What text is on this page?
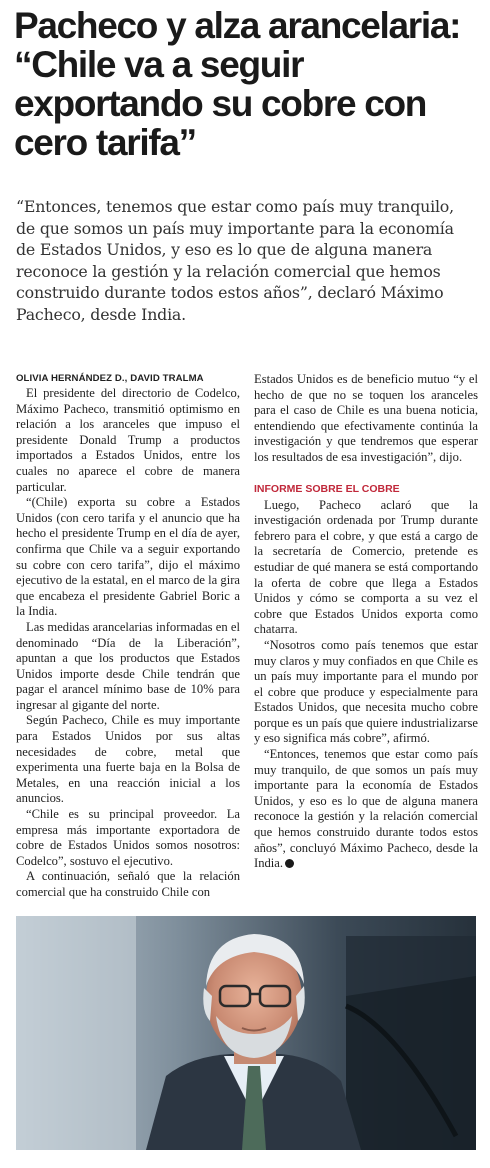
Pacheco y alza arancelaria: “Chile va a seguir exportando su cobre con cero tarifa”

“Entonces, tenemos que estar como país muy tranquilo, de que somos un país muy importante para la economía de Estados Unidos, y eso es lo que de alguna manera reconoce la gestión y la relación comercial que hemos construido durante todos estos años”, declaró Máximo Pacheco, desde India.

OLIVIA HERNÁNDEZ D., DAVID TRALMA

El presidente del directorio de Codelco, Máximo Pacheco, transmitió optimismo en relación a los aranceles que impuso el presidente Donald Trump a productos importados a Estados Unidos, entre los cuales no aparece el cobre de manera particular.

“(Chile) exporta su cobre a Estados Unidos (con cero tarifa y el anuncio que ha hecho el presidente Trump en el día de ayer, confirma que Chile va a seguir exportando su cobre con cero tarifa”, dijo el máximo ejecutivo de la estatal, en el marco de la gira que encabeza el presidente Gabriel Boric a la India.

Las medidas arancelarias informadas en el denominado “Día de la Liberación”, apuntan a que los productos que Estados Unidos importe desde Chile tendrán que pagar el arancel mínimo base de 10% para ingresar al gigante del norte.

Según Pacheco, Chile es muy importante para Estados Unidos por sus altas necesidades de cobre, metal que experimenta una fuerte baja en la Bolsa de Metales, en una reacción inicial a los anuncios.

“Chile es su principal proveedor. La empresa más importante exportadora de cobre de Estados Unidos somos nosotros: Codelco”, sostuvo el ejecutivo.

A continuación, señaló que la relación comercial que ha construido Chile con

Estados Unidos es de beneficio mutuo “y el hecho de que no se toquen los aranceles para el caso de Chile es una buena noticia, entendiendo que efectivamente continúa la investigación y que tendremos que esperar los resultados de esa investigación”, dijo.

INFORME SOBRE EL COBRE

Luego, Pacheco aclaró que la investigación ordenada por Trump durante febrero para el cobre, y que está a cargo de la secretaría de Comercio, pretende es estudiar de qué manera se está comportando la oferta de cobre que llega a Estados Unidos y cómo se comporta a su vez el cobre que Estados Unidos exporta como chatarra.

“Nosotros como país tenemos que estar muy claros y muy confiados en que Chile es un país muy importante para el mundo por el cobre que produce y especialmente para Estados Unidos, que necesita mucho cobre porque es un país que quiere industrializarse y eso significa más cobre”, afirmó.

“Entonces, tenemos que estar como país muy tranquilo, de que somos un país muy importante para la economía de Estados Unidos, y eso es lo que de alguna manera reconoce la gestión y la relación comercial que hemos construido durante todos estos años”, concluyó Máximo Pacheco, desde la India.
